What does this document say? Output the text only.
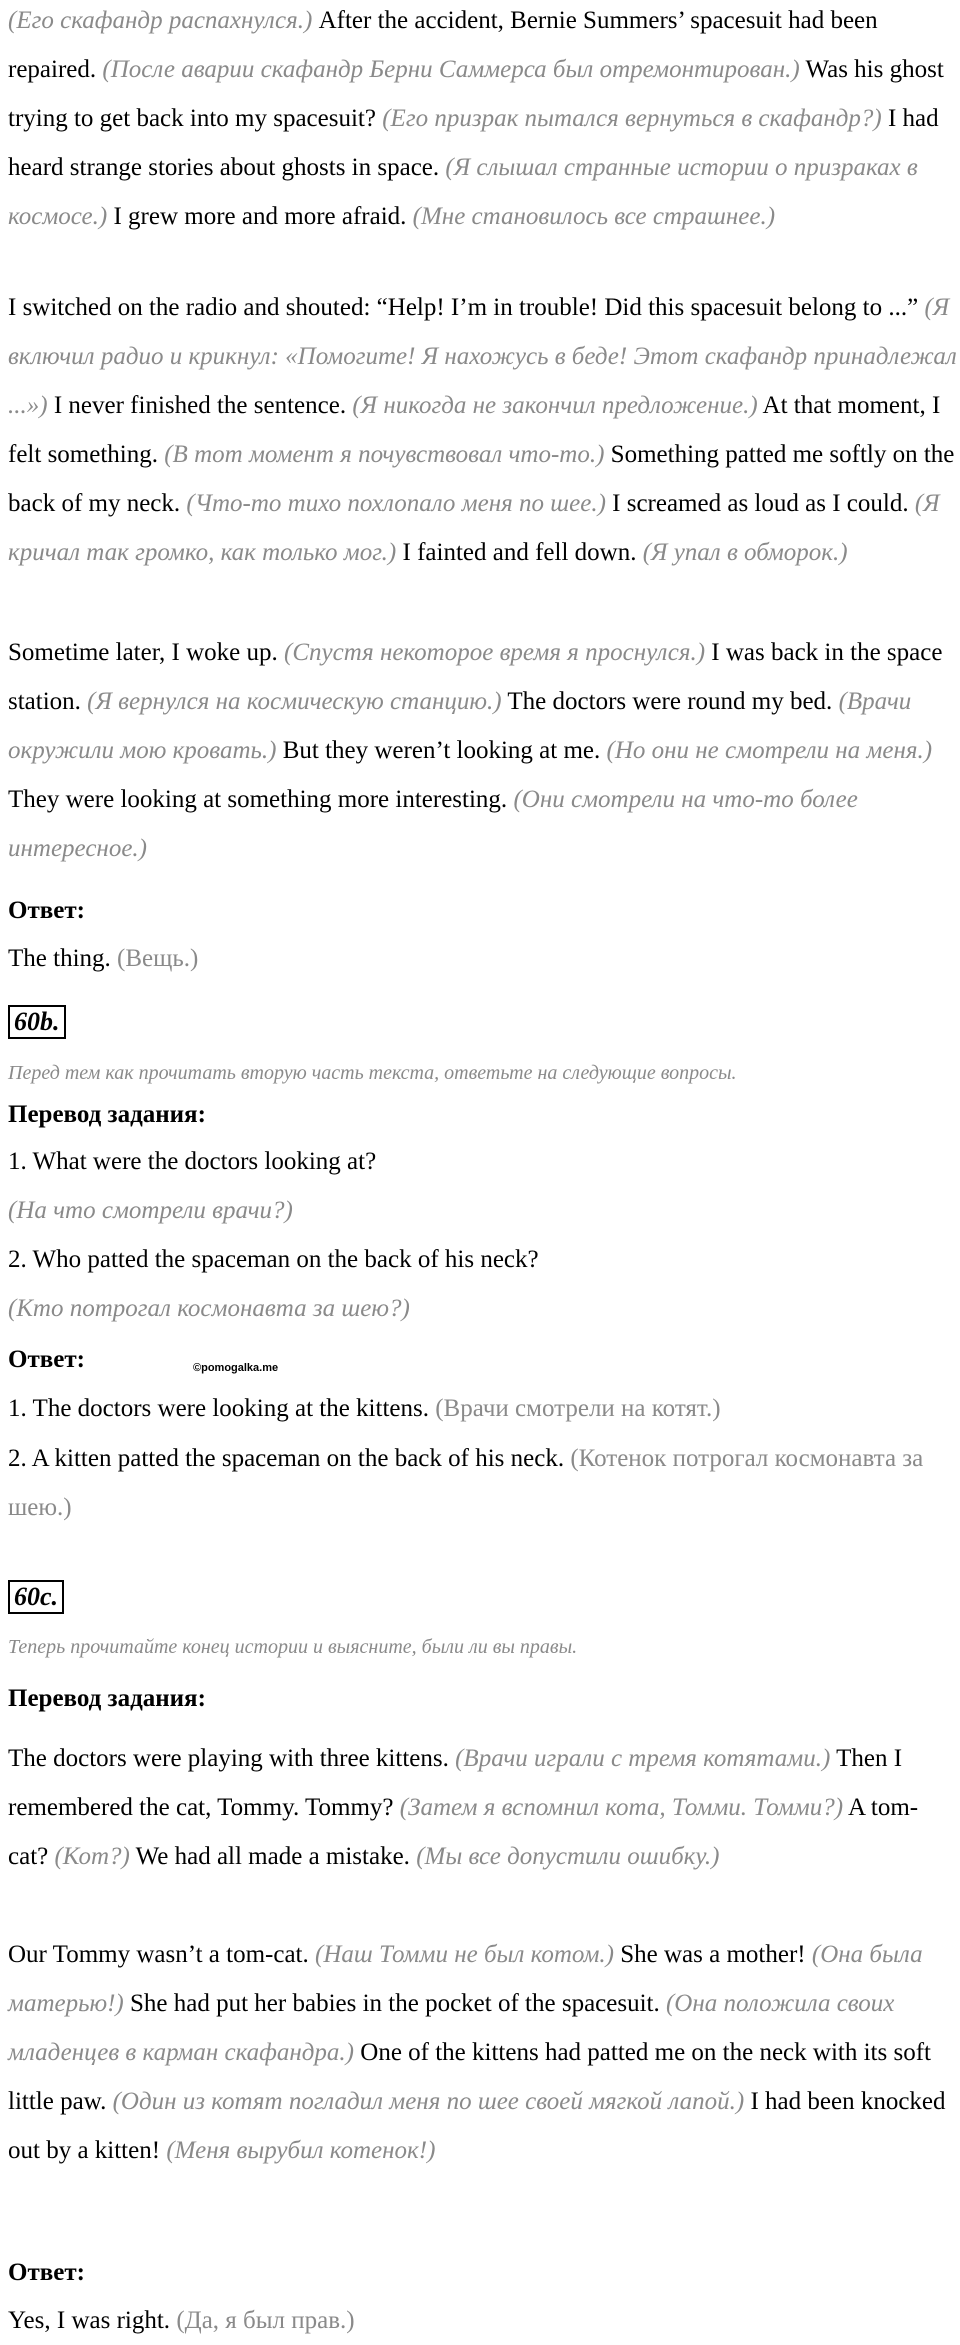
(Его скафандр распахнулся.) After the accident, Bernie Summers’ spacesuit had been repaired. (После аварии скафандр Берни Саммерса был отремонтирован.) Was his ghost trying to get back into my spacesuit? (Его призрак пытался вернуться в скафандр?) I had heard strange stories about ghosts in space. (Я слышал странные истории о призраках в космосе.) I grew more and more afraid. (Мне становилось все страшнее.)

I switched on the radio and shouted: “Help! I’m in trouble! Did this spacesuit belong to ...” (Я включил радио и крикнул: «Помогите! Я нахожусь в беде! Этот скафандр принадлежал ...») I never finished the sentence. (Я никогда не закончил предложение.) At that moment, I felt something. (В тот момент я почувствовал что-то.) Something patted me softly on the back of my neck. (Что-то тихо похлопало меня по шее.) I screamed as loud as I could. (Я кричал так громко, как только мог.) I fainted and fell down. (Я упал в обморок.)

Sometime later, I woke up. (Спустя некоторое время я проснулся.) I was back in the space station. (Я вернулся на космическую станцию.) The doctors were round my bed. (Врачи окружили мою кровать.) But they weren’t looking at me. (Но они не смотрели на меня.) They were looking at something more interesting. (Они смотрели на что-то более интересное.)

Ответ:

The thing. (Вещь.)

60b.

Перед тем как прочитать вторую часть текста, ответьте на следующие вопросы.

Перевод задания:

1. What were the doctors looking at?

(На что смотрели врачи?)

2. Who patted the spaceman on the back of his neck?

(Кто потрогал космонавта за шею?)

Ответ:	©pomogalka.me

1. The doctors were looking at the kittens. (Врачи смотрели на котят.)

2. A kitten patted the spaceman on the back of his neck. (Котенок потрогал космонавта за шею.)

60c.

Теперь прочитайте конец истории и выясните, были ли вы правы.

Перевод задания:

The doctors were playing with three kittens. (Врачи играли с тремя котятами.) Then I remembered the cat, Tommy. Tommy? (Затем я вспомнил кота, Томми. Томми?) A tom-cat? (Кот?) We had all made a mistake. (Мы все допустили ошибку.)

Our Tommy wasn’t a tom-cat. (Наш Томми не был котом.) She was a mother! (Она была матерью!) She had put her babies in the pocket of the spacesuit. (Она положила своих младенцев в карман скафандра.) One of the kittens had patted me on the neck with its soft little paw. (Один из котят погладил меня по шее своей мягкой лапой.) I had been knocked out by a kitten! (Меня вырубил котенок!)

Ответ:

Yes, I was right. (Да, я был прав.)
